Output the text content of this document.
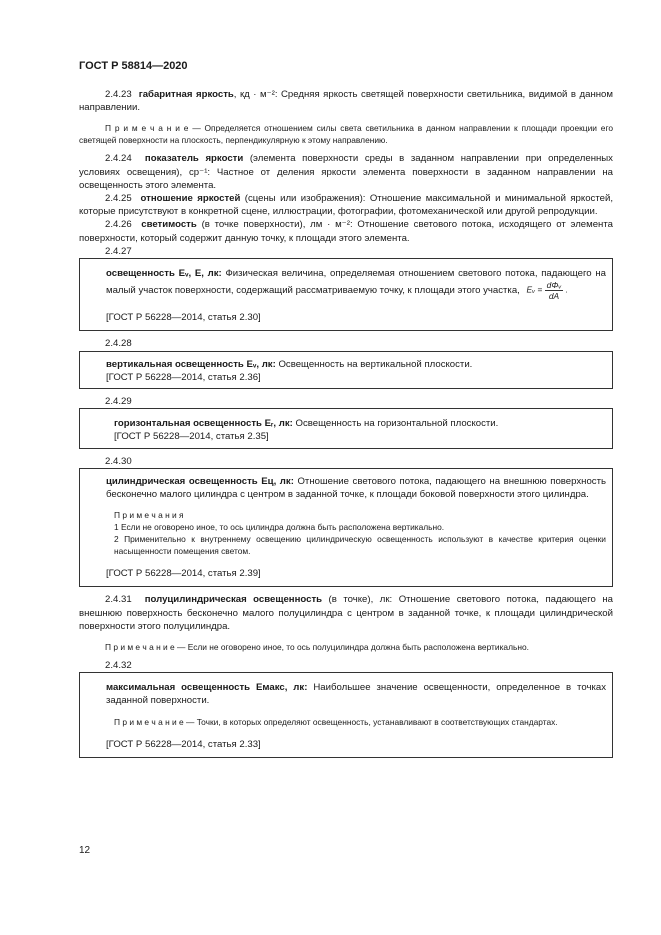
ГОСТ Р 58814—2020

2.4.23 габаритная яркость, кд · м⁻²: Средняя яркость светящей поверхности светильника, видимой в данном направлении.

П р и м е ч а н и е — Определяется отношением силы света светильника в данном направлении к площади проекции его светящей поверхности на плоскость, перпендикулярную к этому направлению.

2.4.24 показатель яркости (элемента поверхности среды в заданном направлении при определенных условиях освещения), ср⁻¹: Частное от деления яркости элемента поверхности в заданном направлении на освещенность этого элемента.

2.4.25 отношение яркостей (сцены или изображения): Отношение максимальной и минимальной яркостей, которые присутствуют в конкретной сцене, иллюстрации, фотографии, фотомеханической или другой репродукции.

2.4.26 светимость (в точке поверхности), лм · м⁻²: Отношение светового потока, исходящего от элемента поверхности, который содержит данную точку, к площади этого элемента.

2.4.27

освещенность Eᵥ, E, лк: Физическая величина, определяемая отношением светового потока, падающего на малый участок поверхности, содержащий рассматриваемую точку, к площади этого участка, Eᵥ = $\frac{\text{dΦᵥ}}{dA}$ .

[ГОСТ Р 56228—2014, статья 2.30]

2.4.28

вертикальная освещенность Eᵥ, лк: Освещенность на вертикальной плоскости.

[ГОСТ Р 56228—2014, статья 2.36]

2.4.29

горизонтальная освещенность Eᵣ, лк: Освещенность на горизонтальной плоскости.

[ГОСТ Р 56228—2014, статья 2.35]

2.4.30

цилиндрическая освещенность Eц, лк: Отношение светового потока, падающего на внешнюю поверхность бесконечно малого цилиндра с центром в заданной точке, к площади боковой поверхности этого цилиндра.

П р и м е ч а н и я

1 Если не оговорено иное, то ось цилиндра должна быть расположена вертикально.

2 Применительно к внутреннему освещению цилиндрическую освещенность используют в качестве критерия оценки насыщенности помещения светом.

[ГОСТ Р 56228—2014, статья 2.39]

2.4.31 полуцилиндрическая освещенность (в точке), лк: Отношение светового потока, падающего на внешнюю поверхность бесконечно малого полуцилиндра с центром в заданной точке, к площади цилиндрической поверхности этого полуцилиндра.

П р и м е ч а н и е — Если не оговорено иное, то ось полуцилиндра должна быть расположена вертикально.

2.4.32

максимальная освещенность Eмакс, лк: Наибольшее значение освещенности, определенное в точках заданной поверхности.

П р и м е ч а н и е — Точки, в которых определяют освещенность, устанавливают в соответствующих стандартах.

[ГОСТ Р 56228—2014, статья 2.33]

12
